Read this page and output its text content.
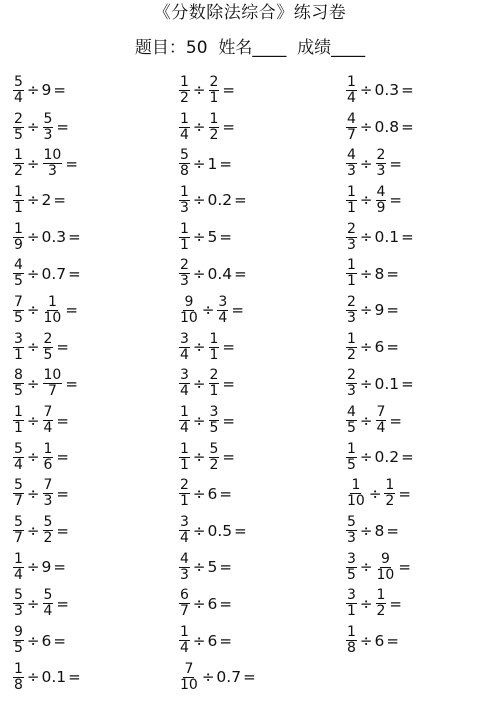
《分数除法综合》练习卷
题目：50  姓名____  成绩____
$\frac{5}{4} \div 9$ =
$\frac{2}{5} \div \frac{5}{3}$ =
$\frac{1}{2} \div \frac{10}{3}$ =
$\frac{1}{1} \div 2$ =
$\frac{1}{9} \div 0.3$ =
$\frac{4}{5} \div 0.7$ =
$\frac{7}{5} \div \frac{1}{10}$ =
$\frac{3}{1} \div \frac{2}{5}$ =
$\frac{8}{5} \div \frac{10}{7}$ =
$\frac{1}{1} \div \frac{7}{4}$ =
$\frac{5}{4} \div \frac{1}{6}$ =
$\frac{5}{7} \div \frac{7}{3}$ =
$\frac{5}{7} \div \frac{5}{2}$ =
$\frac{1}{4} \div 9$ =
$\frac{5}{3} \div \frac{5}{4}$ =
$\frac{9}{5} \div 6$ =
$\frac{1}{8} \div 0.1$ =
$\frac{1}{2} \div \frac{2}{1}$ =
$\frac{1}{4} \div \frac{1}{2}$ =
$\frac{5}{8} \div 1$ =
$\frac{1}{3} \div 0.2$ =
$\frac{1}{1} \div 5$ =
$\frac{2}{3} \div 0.4$ =
$\frac{9}{10} \div \frac{3}{4}$ =
$\frac{3}{4} \div \frac{1}{1}$ =
$\frac{3}{4} \div \frac{2}{1}$ =
$\frac{1}{4} \div \frac{3}{5}$ =
$\frac{1}{1} \div \frac{5}{2}$ =
$\frac{2}{1} \div 6$ =
$\frac{3}{4} \div 0.5$ =
$\frac{4}{3} \div 5$ =
$\frac{6}{7} \div 6$ =
$\frac{1}{4} \div 6$ =
$\frac{7}{10} \div 0.7$ =
$\frac{1}{4} \div 0.3$ =
$\frac{4}{7} \div 0.8$ =
$\frac{4}{3} \div \frac{2}{3}$ =
$\frac{1}{1} \div \frac{4}{9}$ =
$\frac{2}{3} \div 0.1$ =
$\frac{1}{1} \div 8$ =
$\frac{2}{3} \div 9$ =
$\frac{1}{2} \div 6$ =
$\frac{2}{3} \div 0.1$ =
$\frac{4}{5} \div \frac{7}{4}$ =
$\frac{1}{5} \div 0.2$ =
$\frac{1}{10} \div \frac{1}{2}$ =
$\frac{5}{3} \div 8$ =
$\frac{3}{5} \div \frac{9}{10}$ =
$\frac{3}{1} \div \frac{1}{2}$ =
$\frac{1}{8} \div 6$ =
